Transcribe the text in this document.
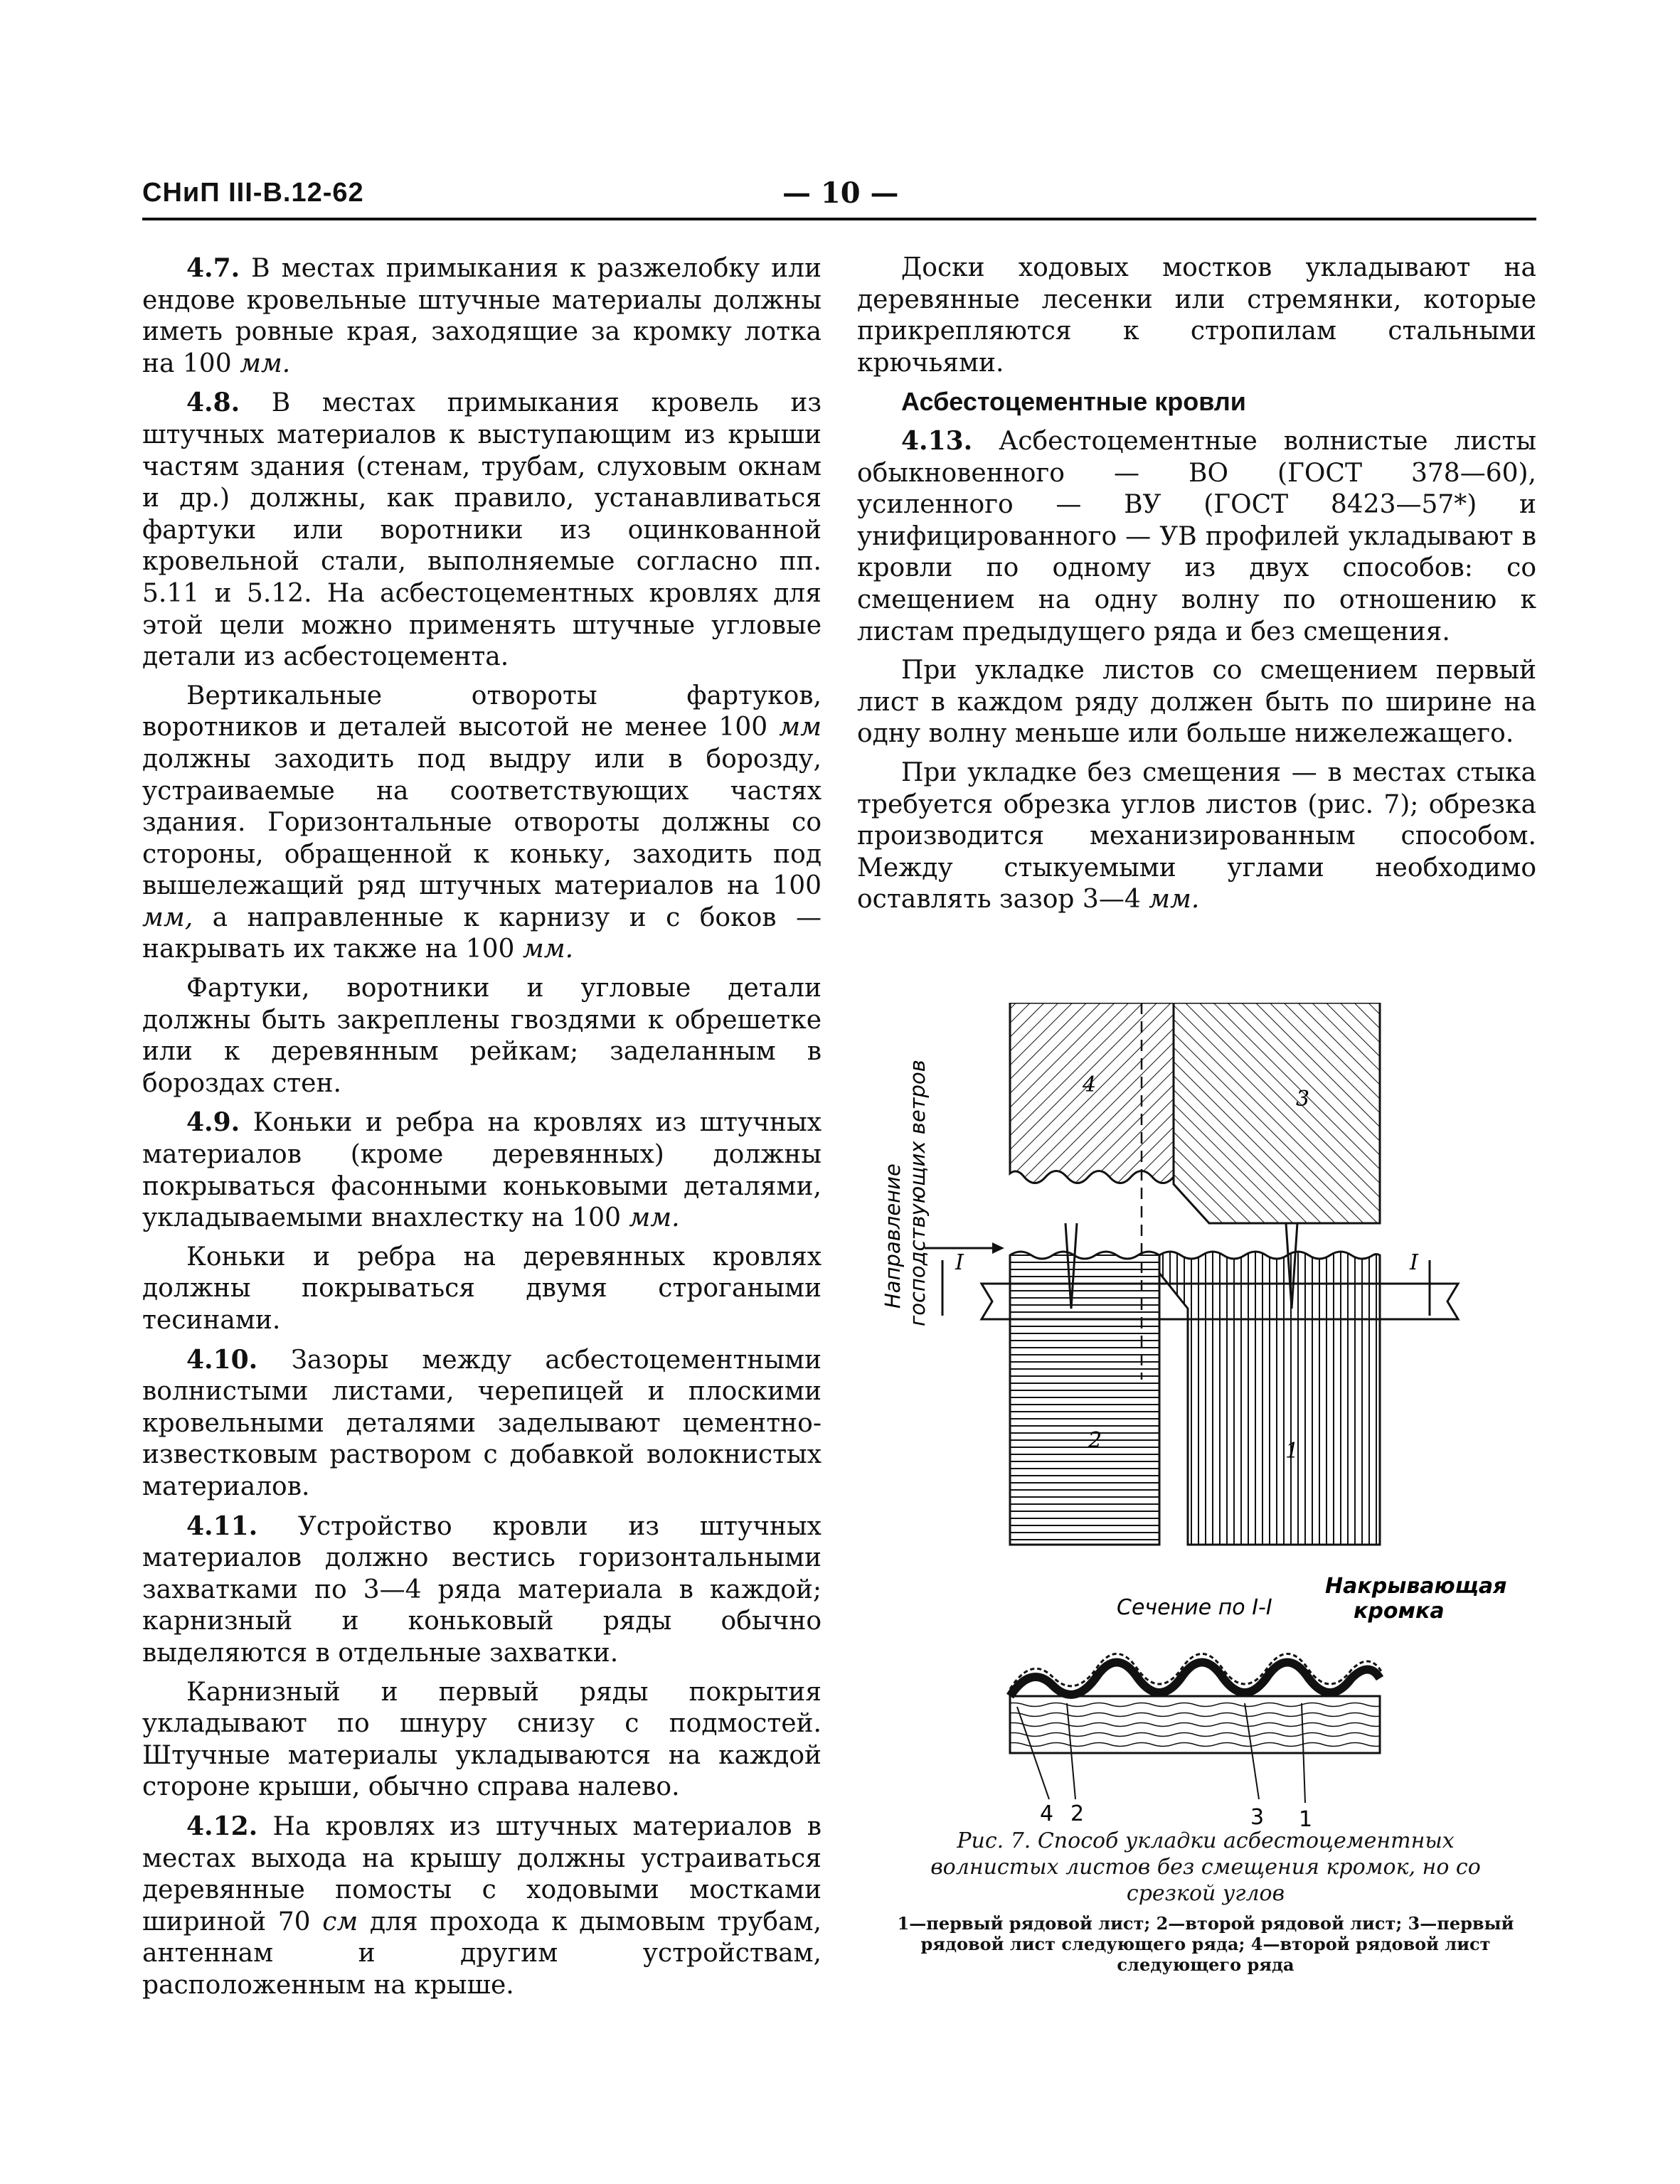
СНиП III-В.12-62	— 10 —

4.7. В местах примыкания к разжелобку или ендове кровельные штучные материалы должны иметь ровные края, заходящие за кромку лотка на 100 мм.

4.8. В местах примыкания кровель из штучных материалов к выступающим из крыши частям здания (стенам, трубам, слуховым окнам и др.) должны, как правило, устанавливаться фартуки или воротники из оцинкованной кровельной стали, выполняемые согласно пп. 5.11 и 5.12. На асбестоцементных кровлях для этой цели можно применять штучные угловые детали из асбестоцемента.

Вертикальные отвороты фартуков, воротников и деталей высотой не менее 100 мм должны заходить под выдру или в борозду, устраиваемые на соответствующих частях здания. Горизонтальные отвороты должны со стороны, обращенной к коньку, заходить под вышележащий ряд штучных материалов на 100 мм, а направленные к карнизу и с боков — накрывать их также на 100 мм.

Фартуки, воротники и угловые детали должны быть закреплены гвоздями к обрешетке или к деревянным рейкам; заделанным в бороздах стен.

4.9. Коньки и ребра на кровлях из штучных материалов (кроме деревянных) должны покрываться фасонными коньковыми деталями, укладываемыми внахлестку на 100 мм.

Коньки и ребра на деревянных кровлях должны покрываться двумя строгаными тесинами.

4.10. Зазоры между асбестоцементными волнистыми листами, черепицей и плоскими кровельными деталями заделывают цементно-известковым раствором с добавкой волокнистых материалов.

4.11. Устройство кровли из штучных материалов должно вестись горизонтальными захватками по 3—4 ряда материала в каждой; карнизный и коньковый ряды обычно выделяются в отдельные захватки.

Карнизный и первый ряды покрытия укладывают по шнуру снизу с подмостей. Штучные материалы укладываются на каждой стороне крыши, обычно справа налево.

4.12. На кровлях из штучных материалов в местах выхода на крышу должны устраиваться деревянные помосты с ходовыми мостками шириной 70 см для прохода к дымовым трубам, антеннам и другим устройствам, расположенным на крыше.

Доски ходовых мостков укладывают на деревянные лесенки или стремянки, которые прикрепляются к стропилам стальными крючьями.

Асбестоцементные кровли

4.13. Асбестоцементные волнистые листы обыкновенного — ВО (ГОСТ 378—60), усиленного — ВУ (ГОСТ 8423—57*) и унифицированного — УВ профилей укладывают в кровли по одному из двух способов: со смещением на одну волну по отношению к листам предыдущего ряда и без смещения.

При укладке листов со смещением первый лист в каждом ряду должен быть по ширине на одну волну меньше или больше нижележащего.

При укладке без смещения — в местах стыка требуется обрезка углов листов (рис. 7); обрезка производится механизированным способом. Между стыкуемыми углами необходимо оставлять зазор 3—4 мм.

I	I
Направление господствующих ветров	4
3
2	1
Сечение по I-I
Накрывающая
кромка
4 2	3 1
Рис. 7. Способ укладки асбестоцементных волнистых листов без смещения кромок, но со срезкой углов
1—первый рядовой лист; 2—второй рядовой лист; 3—первый рядовой лист следующего ряда; 4—второй рядовой лист следующего ряда
